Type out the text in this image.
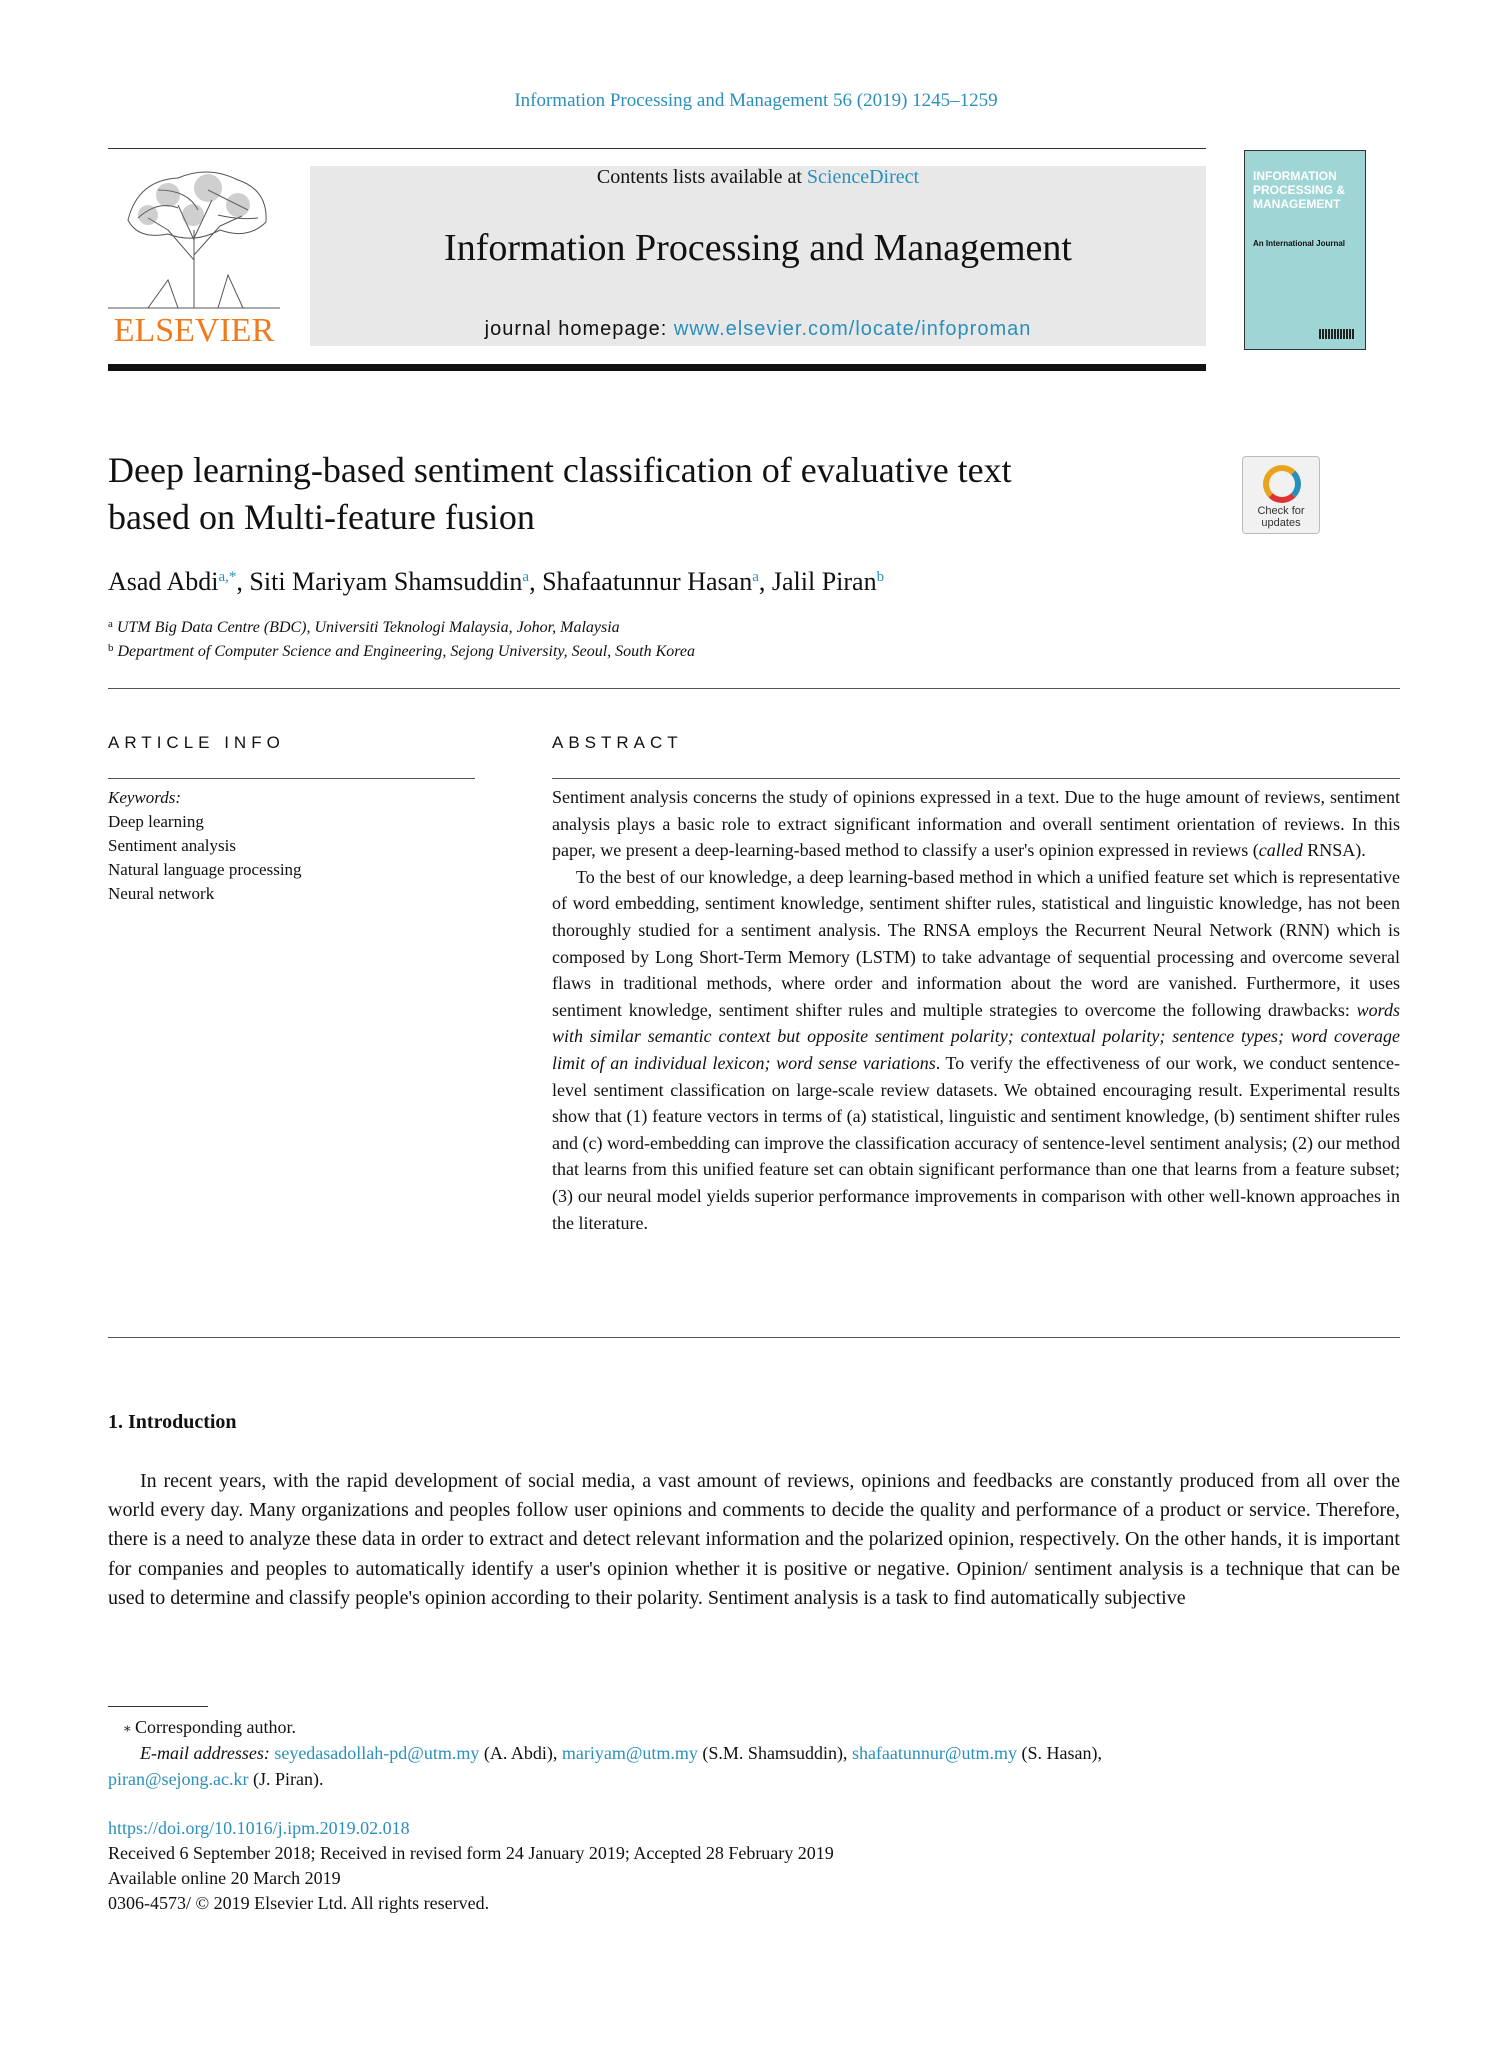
Information Processing and Management 56 (2019) 1245–1259
ELSEVIER
Contents lists available at ScienceDirect
Information Processing and Management
journal homepage: www.elsevier.com/locate/infoproman
INFORMATION PROCESSING & MANAGEMENT
An International Journal
Deep learning-based sentiment classification of evaluative text
based on Multi-feature fusion	Check for updates
Asad Abdi$^{a,*}$, Siti Mariyam Shamsuddin$^a$, Shafaatunnur Hasan$^a$, Jalil Piran$^b$
$^a$ UTM Big Data Centre (BDC), Universiti Teknologi Malaysia, Johor, Malaysia
$^b$ Department of Computer Science and Engineering, Sejong University, Seoul, South Korea
ARTICLE INFO
Keywords:
Deep learning
Sentiment analysis
Natural language processing
Neural network
ABSTRACT

Sentiment analysis concerns the study of opinions expressed in a text. Due to the huge amount of reviews, sentiment analysis plays a basic role to extract significant information and overall sentiment orientation of reviews. In this paper, we present a deep-learning-based method to classify a user's opinion expressed in reviews (called RNSA).

To the best of our knowledge, a deep learning-based method in which a unified feature set which is representative of word embedding, sentiment knowledge, sentiment shifter rules, statistical and linguistic knowledge, has not been thoroughly studied for a sentiment analysis. The RNSA employs the Recurrent Neural Network (RNN) which is composed by Long Short-Term Memory (LSTM) to take advantage of sequential processing and overcome several flaws in traditional methods, where order and information about the word are vanished. Furthermore, it uses sentiment knowledge, sentiment shifter rules and multiple strategies to overcome the following drawbacks: words with similar semantic context but opposite sentiment polarity; contextual polarity; sentence types; word coverage limit of an individual lexicon; word sense variations. To verify the effectiveness of our work, we conduct sentence-level sentiment classification on large-scale review datasets. We obtained encouraging result. Experimental results show that (1) feature vectors in terms of (a) statistical, linguistic and sentiment knowledge, (b) sentiment shifter rules and (c) word-embedding can improve the classification accuracy of sentence-level sentiment analysis; (2) our method that learns from this unified feature set can obtain significant performance than one that learns from a feature subset; (3) our neural model yields superior performance improvements in comparison with other well-known approaches in the literature.

1. Introduction

In recent years, with the rapid development of social media, a vast amount of reviews, opinions and feedbacks are constantly produced from all over the world every day. Many organizations and peoples follow user opinions and comments to decide the quality and performance of a product or service. Therefore, there is a need to analyze these data in order to extract and detect relevant information and the polarized opinion, respectively. On the other hands, it is important for companies and peoples to automatically identify a user's opinion whether it is positive or negative. Opinion/ sentiment analysis is a technique that can be used to determine and classify people's opinion according to their polarity. Sentiment analysis is a task to find automatically subjective

⁎ Corresponding author.
E-mail addresses: seyedasadollah-pd@utm.my (A. Abdi), mariyam@utm.my (S.M. Shamsuddin), shafaatunnur@utm.my (S. Hasan),
piran@sejong.ac.kr (J. Piran).
https://doi.org/10.1016/j.ipm.2019.02.018
Received 6 September 2018; Received in revised form 24 January 2019; Accepted 28 February 2019
Available online 20 March 2019
0306-4573/ © 2019 Elsevier Ltd. All rights reserved.
